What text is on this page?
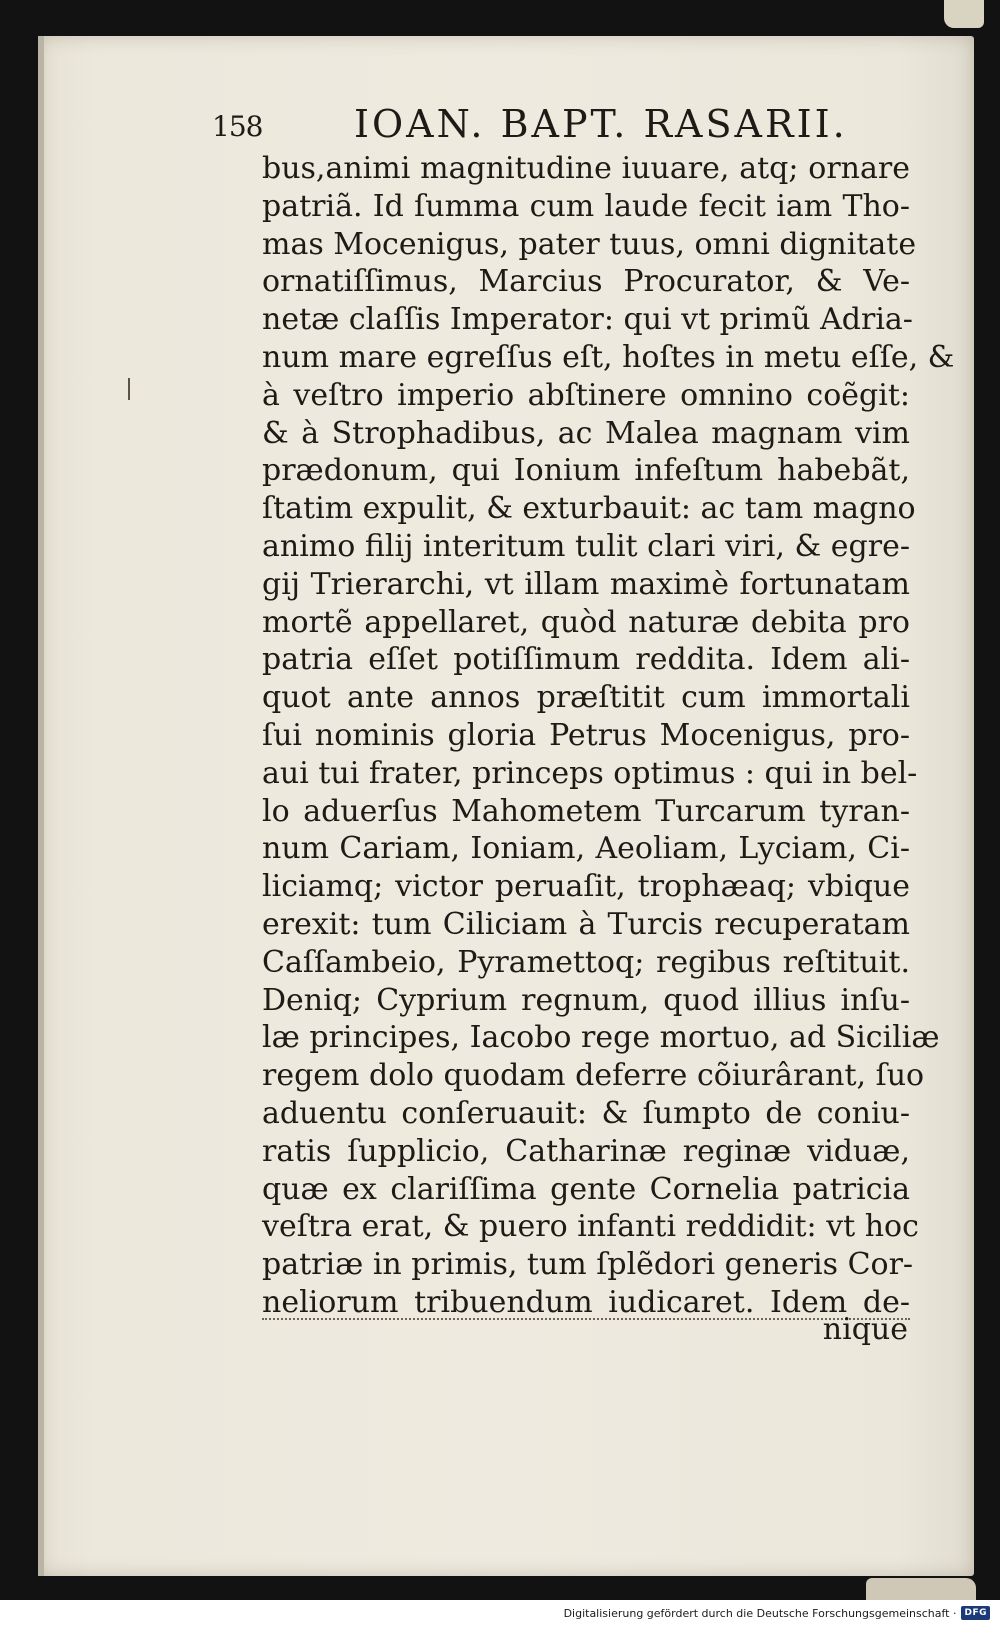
158 IOAN. BAPT. RASARII.
bus,animi magnitudine iuuare, atq; ornare
patriã. Id ſumma cum laude fecit iam Tho-
mas Mocenigus, pater tuus, omni dignitate
ornatiſſimus, Marcius Procurator, & Ve-
netæ claſſis Imperator: qui vt primũ Adria-
num mare egreſſus eſt, hoſtes in metu eſſe, &
à veſtro imperio abſtinere omnino coẽgit:
& à Strophadibus, ac Malea magnam vim
prædonum, qui Ionium infeſtum habebãt,
ſtatim expulit, & exturbauit: ac tam magno
animo filij interitum tulit clari viri, & egre-
gij Trierarchi, vt illam maximè fortunatam
mortẽ appellaret, quòd naturæ debita pro
patria eſſet potiſſimum reddita. Idem ali-
quot ante annos præſtitit cum immortali
ſui nominis gloria Petrus Mocenigus, pro-
aui tui frater, princeps optimus : qui in bel-
lo aduerſus Mahometem Turcarum tyran-
num Cariam, Ioniam, Aeoliam, Lyciam, Ci-
liciamq; victor peruaſit, trophæaq; vbique
erexit: tum Ciliciam à Turcis recuperatam
Caſſambeio, Pyramettoq; regibus reſtituit.
Deniq; Cyprium regnum, quod illius inſu-
læ principes, Iacobo rege mortuo, ad Siciliæ
regem dolo quodam deferre cõiurârant, ſuo
aduentu conſeruauit: & ſumpto de coniu-
ratis ſupplicio, Catharinæ reginæ viduæ,
quæ ex clariſſima gente Cornelia patricia
veſtra erat, & puero infanti reddidit: vt hoc
patriæ in primis, tum ſplẽdori generis Cor-
neliorum tribuendum iudicaret. Idem de-
nique
Digitalisierung gefördert durch die Deutsche Forschungsgemeinschaft · DFG
